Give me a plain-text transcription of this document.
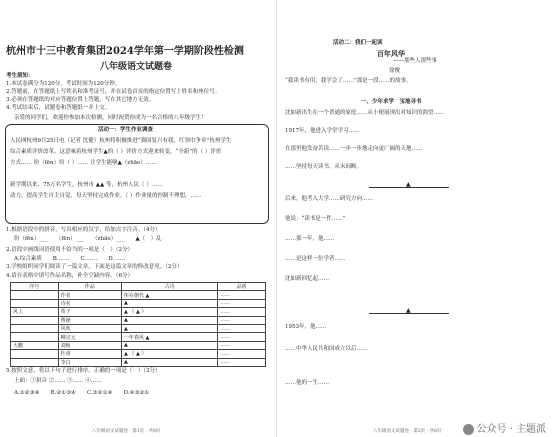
杭州市十三中教育集团2024学年第一学期阶段性检测
八年级语文试题卷
考生须知：
1.本试卷满分为120分，考试时间为120分钟。
2.答题前，在答题纸上写姓名和准考证号，并在试卷首页的指定位置写上姓名和座位号。
3.必须在答题纸的对应答题位置上答题，写在其它地方无效。
4.考试结束后，试题卷和答题纸一并上交。
亲爱的同学们，欢迎你参加本次检测，同时祝贺你成为一名合格的八年级学生！
活动一：学生作业调查
人民网杭州9月25日电（记者 沈健）杭州将积极推进“强国复兴有我，红领巾争章”杭州学生
综合素质评价改革。这意味着杭州学生▲的（ ）评价方式迎来转变，“全新”的（ ）评价
方式…… 纷（fēn）纷（ ）…… 让学生能够▲（zhāo）……
新学期以来，75万名学生，杭州市 ▲▲ 等，杭州人民（ ）……
动力，提高学生自主自觉，每天坚持完成作业。（ ）作业量的控制不理想，……
1.根据语段中的拼音，写出相应的汉字，给加点字注音。（4分）
纷（fēn）___　　（fēn）___　　（zhāo）___　　▲（　）乱
2.语段中画线词语使用不恰当的一项是（　）（2分）
A.综合素质　　B.……　　C.……　　D.……
3.学校组织同学们阅读了一篇文章，下面是这篇文章的修改意见。（2分）
4.请在表格中填写作品名称，补全空缺内容。（6分）
序号	作品	古诗	品析
	作者	所在朝代 ▲	……
	诗名	▲	……
风上	荀子	▲ 《 ▲ 》	……
	曹操	▲	……
	风吹	▲	……
	柳宗元	一年春风 ▲	……
大鹏	刘桢	▲	……
	杜甫	▲ 《 ▲ 》	……
	李白	▲	……
5.按照文意，将以下句子进行排序，正确的一项是（　）（3分）
上面：①拼音 ②…… ③…… ④……
A.①②③④　　B.②①③④　　C.③②①④　　D.④③②①
八年级语文试题卷 · 第1页 · 共8页
活动二：我们一起读
百年风华
——那些人那些事
徐俊
“我读书有用，我学会了……”那是一段……的故事。
一、少年求学　宝地寻书
沈如新出生在一个普通的家庭……从小便展现出对知识的渴望……
1917年，他进入学堂学习……
在那里他发奋苦读……一步一步地走向更广阔的天地……
……坚持每天读书，从未间断。
▲
后来，他考入大学……研究方向……
他说：“读书是一件……”
……那一年，他……
……是这样一位学者……
沈如新回忆起……
▲
1953年，他……
……中华人民共和国成立以后……
……他的一生……
八年级语文试题卷 · 第2页 · 共8页	公众号 · 主题派
